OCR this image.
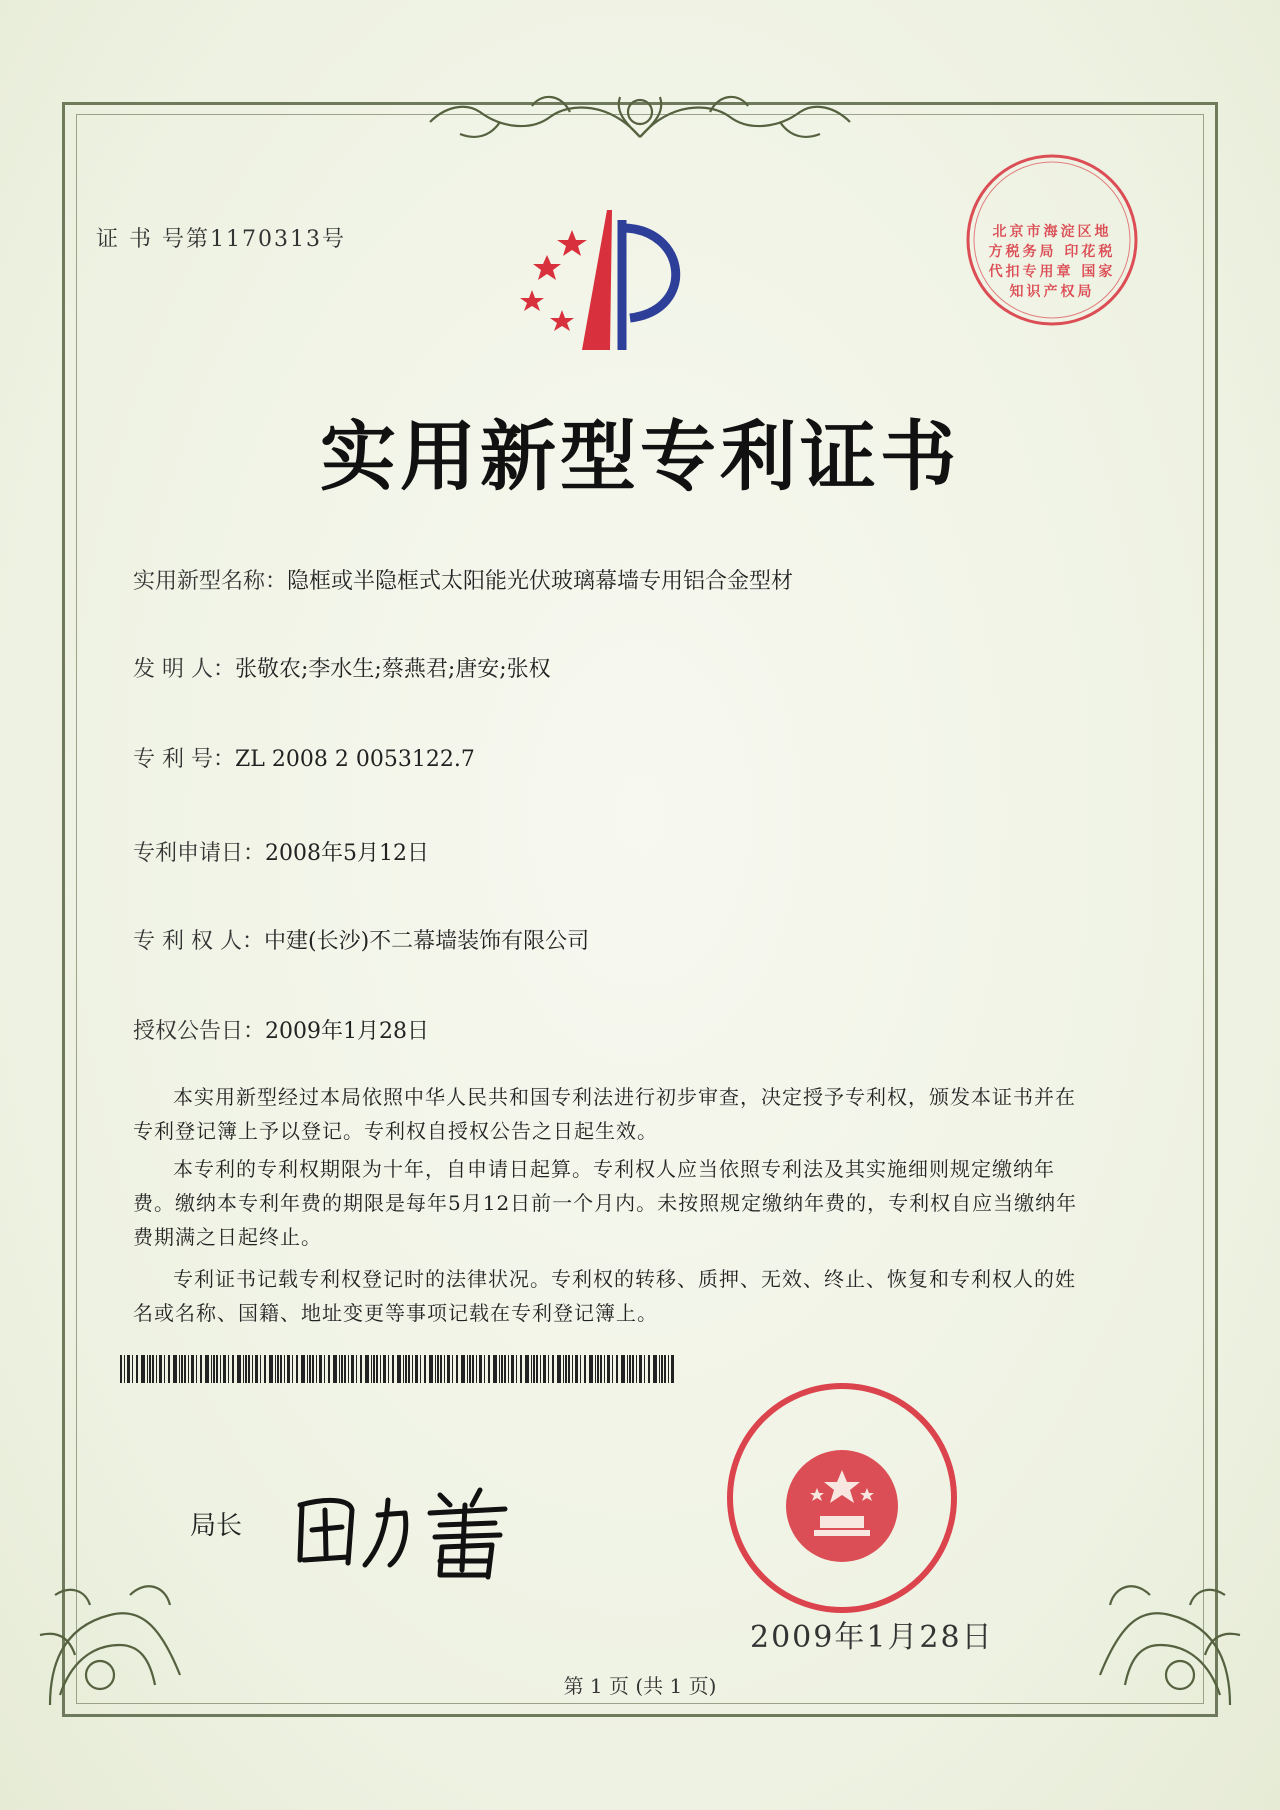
证 书 号第1170313号	北京市海淀区地方税务局 印花税 代扣专用章 国家知识产权局
实用新型专利证书
实用新型名称：隐框或半隐框式太阳能光伏玻璃幕墙专用铝合金型材
发 明 人：张敬农;李水生;蔡燕君;唐安;张权
专 利 号：ZL 2008 2 0053122.7
专利申请日：2008年5月12日
专 利 权 人：中建(长沙)不二幕墙装饰有限公司
授权公告日：2009年1月28日
本实用新型经过本局依照中华人民共和国专利法进行初步审查，决定授予专利权，颁发本证书并在专利登记簿上予以登记。专利权自授权公告之日起生效。
本专利的专利权期限为十年，自申请日起算。专利权人应当依照专利法及其实施细则规定缴纳年费。缴纳本专利年费的期限是每年5月12日前一个月内。未按照规定缴纳年费的，专利权自应当缴纳年费期满之日起终止。
专利证书记载专利权登记时的法律状况。专利权的转移、质押、无效、终止、恢复和专利权人的姓名或名称、国籍、地址变更等事项记载在专利登记簿上。
局长
2009年1月28日
第 1 页 (共 1 页)
